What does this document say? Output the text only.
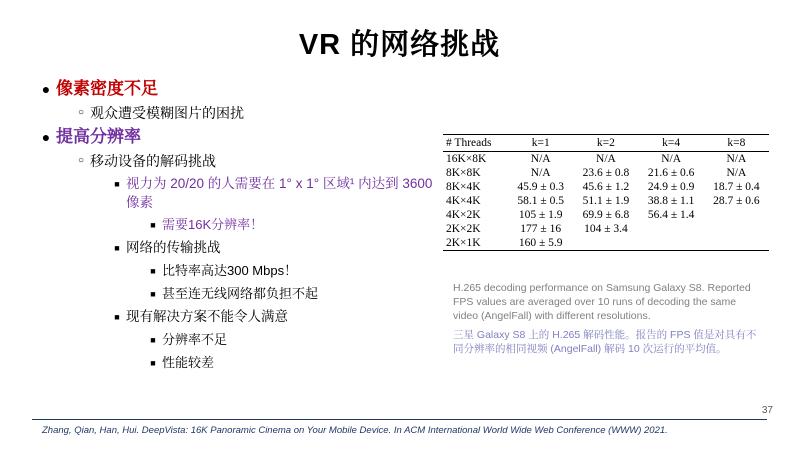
VR 的网络挑战
● 像素密度不足
○ 观众遭受模糊图片的困扰
● 提高分辨率
○ 移动设备的解码挑战
■ 视力为 20/20 的人需要在 1° x 1° 区域¹ 内达到 3600 像素
■ 需要16K分辨率！
■ 网络的传输挑战
■ 比特率高达300 Mbps！
■ 甚至连无线网络都负担不起
■ 现有解决方案不能令人满意
■ 分辨率不足
■ 性能较差
# Threads	k=1	k=2	k=4	k=8
16K×8K	N/A	N/A	N/A	N/A
8K×8K	N/A	23.6 ± 0.8	21.6 ± 0.6	N/A
8K×4K	45.9 ± 0.3	45.6 ± 1.2	24.9 ± 0.9	18.7 ± 0.4
4K×4K	58.1 ± 0.5	51.1 ± 1.9	38.8 ± 1.1	28.7 ± 0.6
4K×2K	105 ± 1.9	69.9 ± 6.8	56.4 ± 1.4	
2K×2K	177 ± 16	104 ± 3.4		
2K×1K	160 ± 5.9			
H.265 decoding performance on Samsung Galaxy S8. Reported FPS values are averaged over 10 runs of decoding the same video (AngelFall) with different resolutions.
三星 Galaxy S8 上的 H.265 解码性能。报告的 FPS 值是对具有不同分辨率的相同视频 (AngelFall) 解码 10 次运行的平均值。
37
Zhang, Qian, Han, Hui. DeepVista: 16K Panoramic Cinema on Your Mobile Device. In ACM International World Wide Web Conference (WWW) 2021.
